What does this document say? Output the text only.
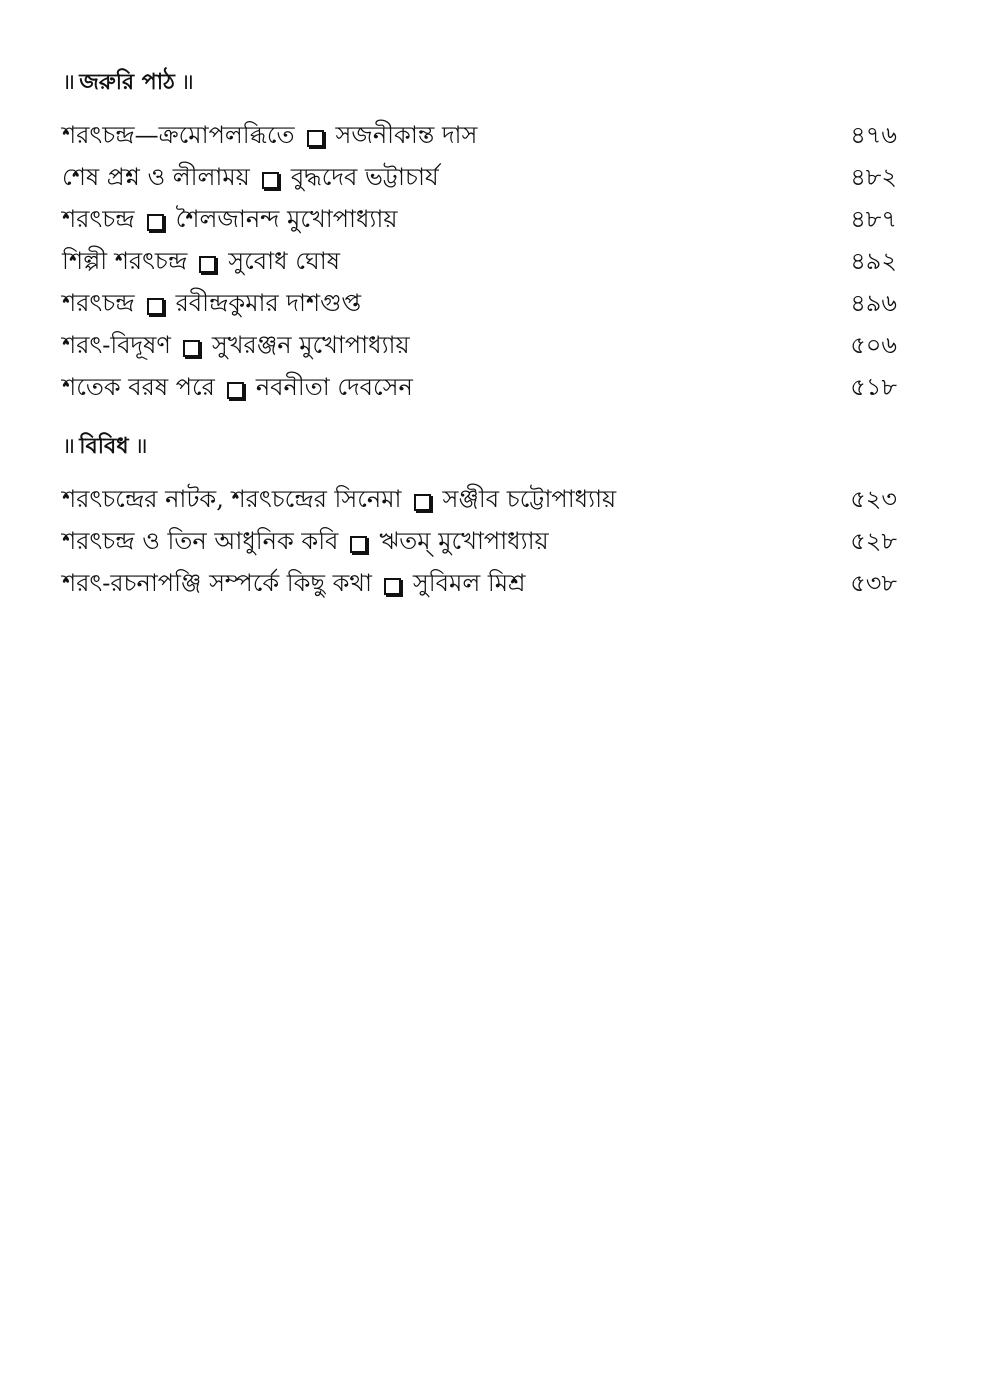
॥ জরুরি পাঠ ॥
শরৎচন্দ্র—ক্রমোপলব্ধিতে সজনীকান্ত দাস	৪৭৬
শেষ প্রশ্ন ও লীলাময় বুদ্ধদেব ভট্টাচার্য	৪৮২
শরৎচন্দ্র শৈলজানন্দ মুখোপাধ্যায়	৪৮৭
শিল্পী শরৎচন্দ্র সুবোধ ঘোষ	৪৯২
শরৎচন্দ্র রবীন্দ্রকুমার দাশগুপ্ত	৪৯৬
শরৎ-বিদূষণ সুখরঞ্জন মুখোপাধ্যায়	৫০৬
শতেক বরষ পরে নবনীতা দেবসেন	৫১৮
॥ বিবিধ ॥
শরৎচন্দ্রের নাটক, শরৎচন্দ্রের সিনেমা সঞ্জীব চট্টোপাধ্যায়	৫২৩
শরৎচন্দ্র ও তিন আধুনিক কবি ঋতম্ মুখোপাধ্যায়	৫২৮
শরৎ-রচনাপঞ্জি সম্পর্কে কিছু কথা সুবিমল মিশ্র	৫৩৮
